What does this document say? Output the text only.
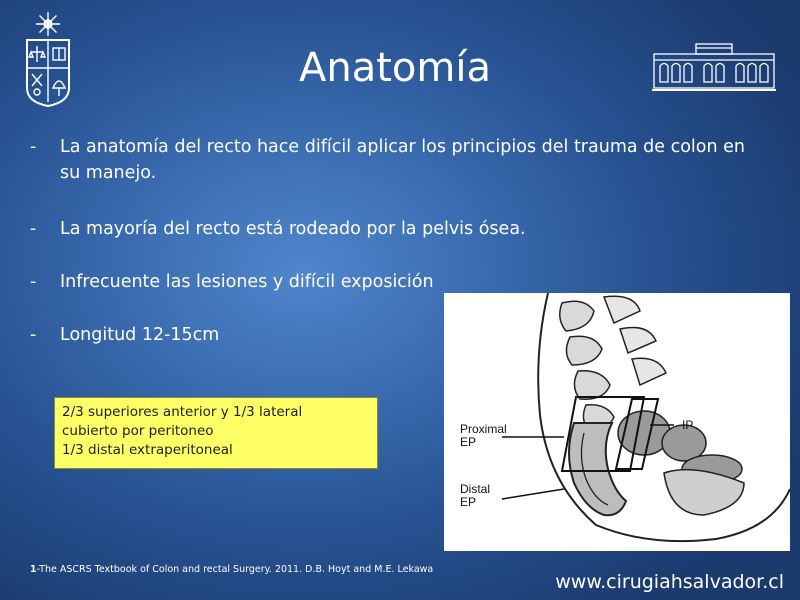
Anatomía
-	La anatomía del recto hace difícil aplicar los principios del trauma de colon en su manejo.
-	La mayoría del recto está rodeado por la pelvis ósea.
-	Infrecuente las lesiones y difícil exposición
-	Longitud 12-15cm
2/3 superiores anterior y 1/3 lateral
cubierto por peritoneo
1/3 distal extraperitoneal
Proximal
EP
IP
Distal
EP
1-The ASCRS Textbook of Colon and rectal Surgery. 2011. D.B. Hoyt and M.E. Lekawa
www.cirugiahsalvador.cl
